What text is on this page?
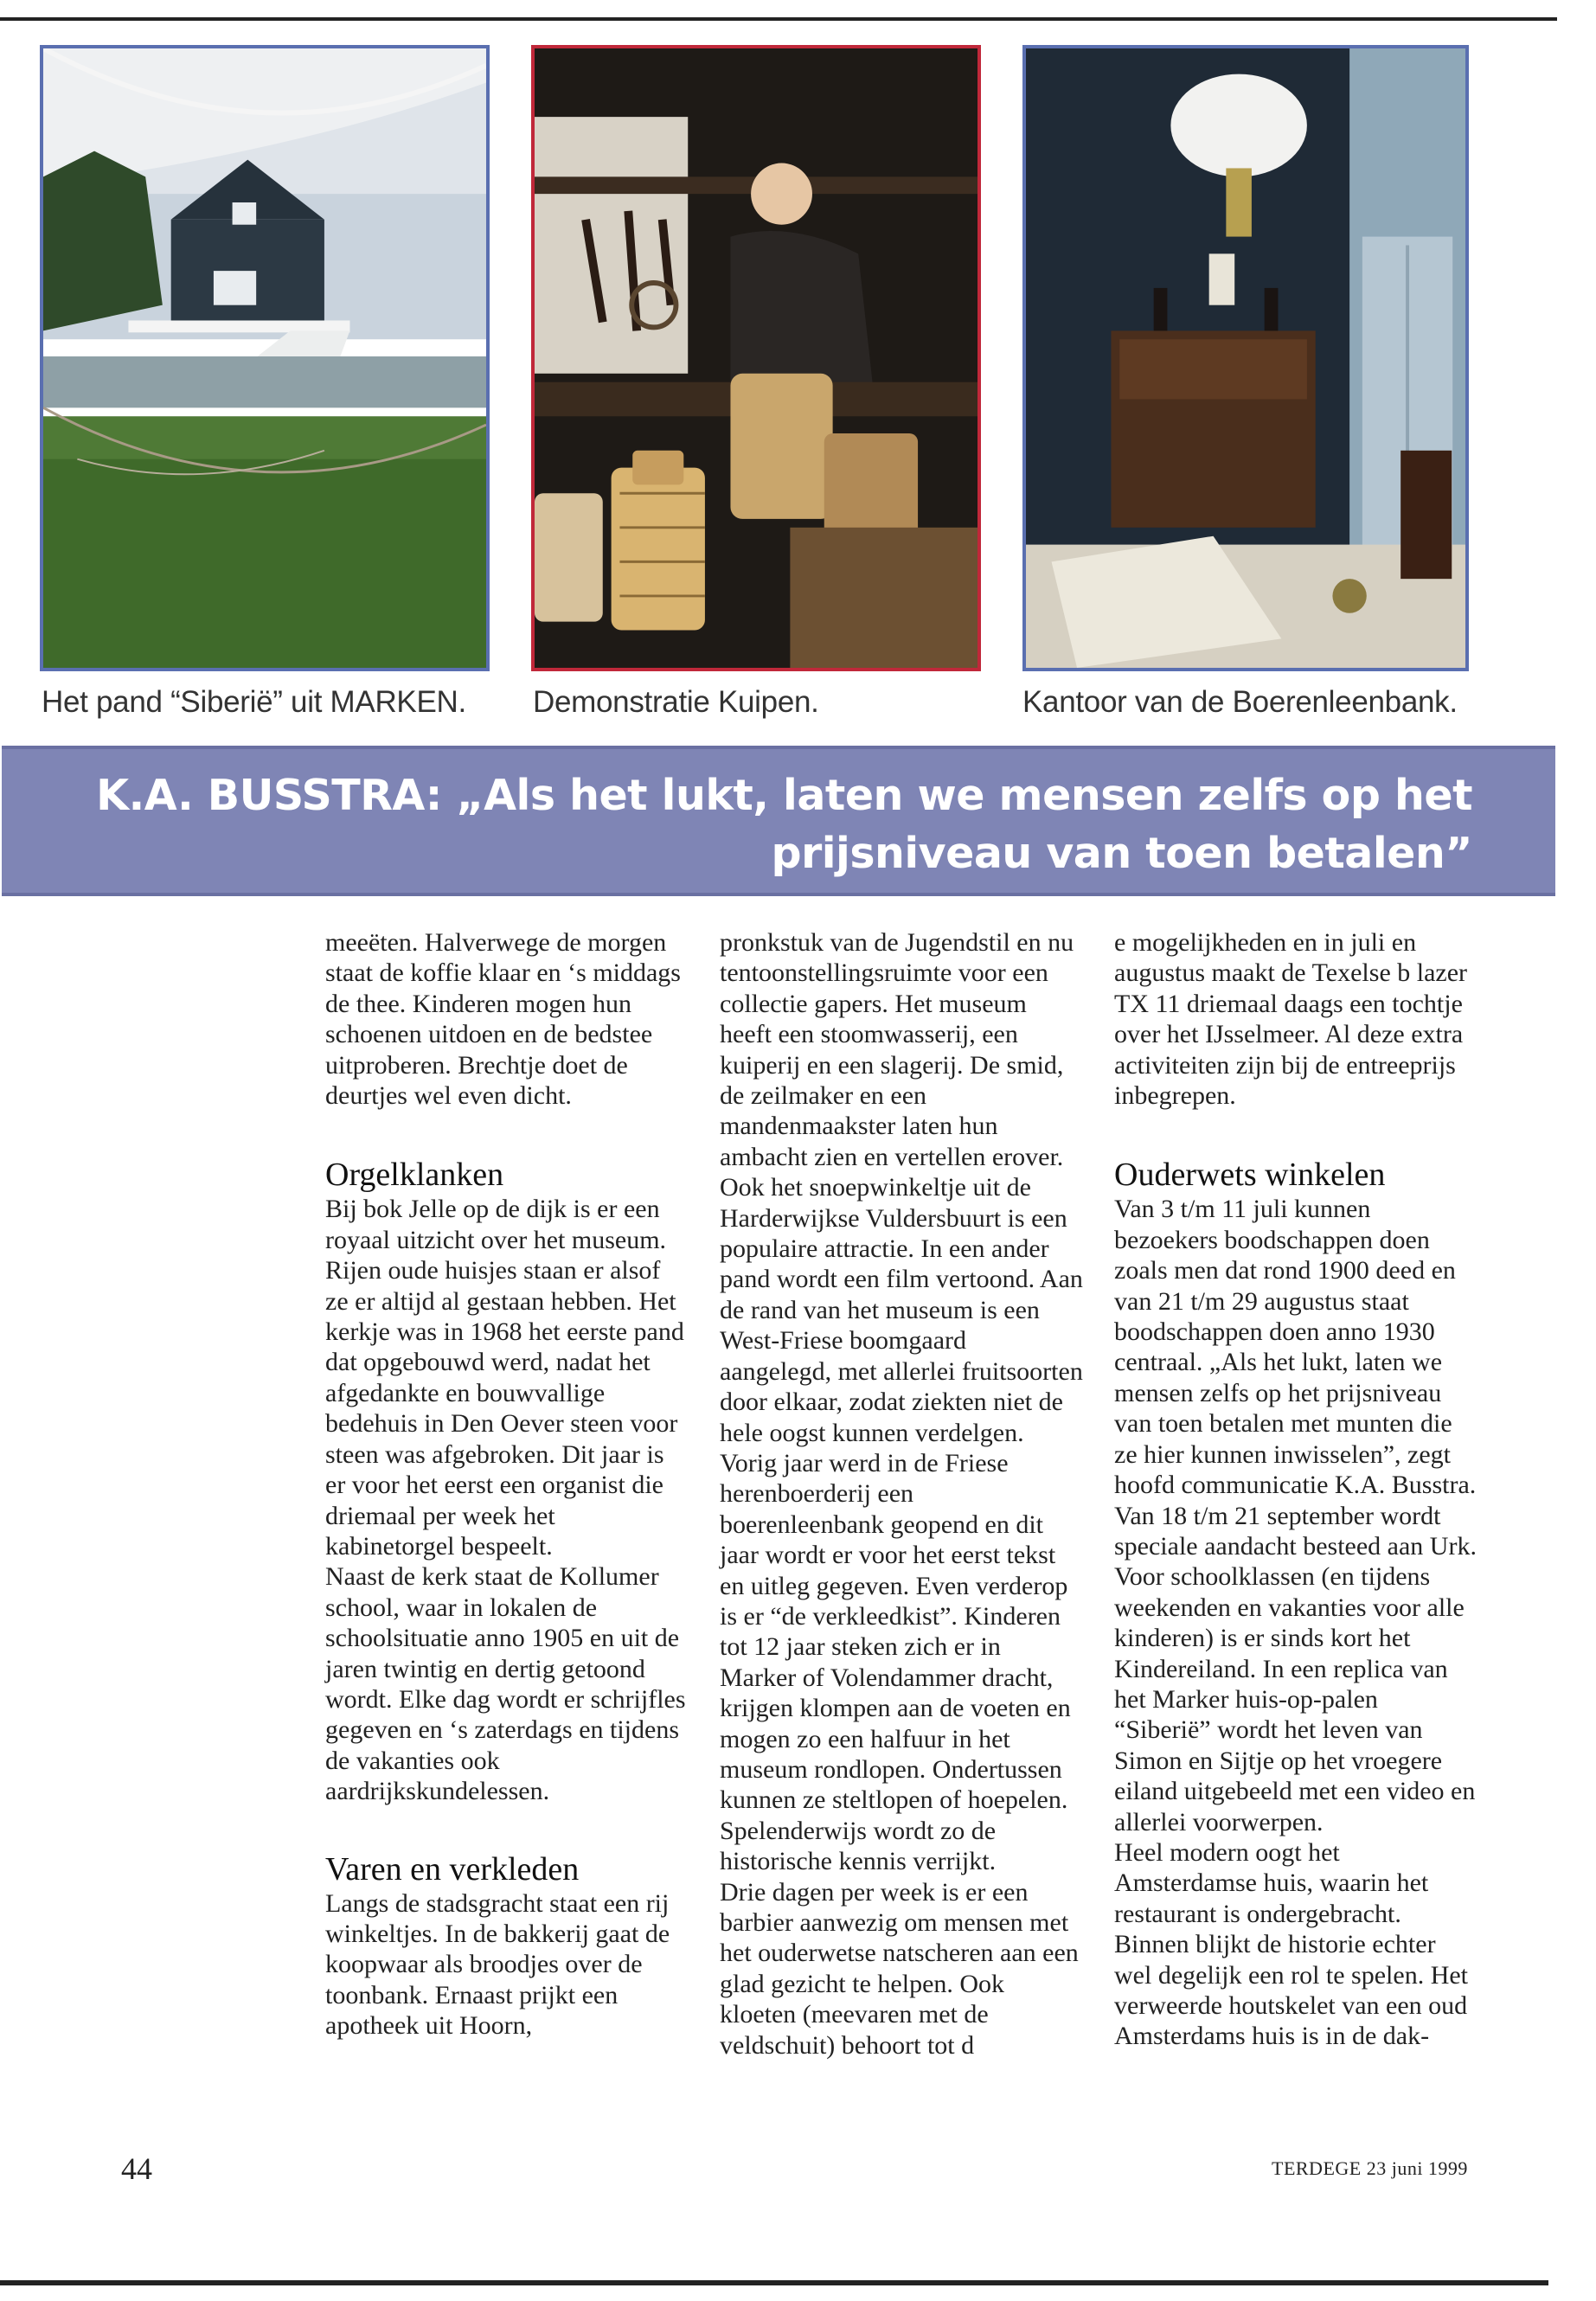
Het pand “Siberië” uit MARKEN. Demonstratie Kuipen.	Kantoor van de Boerenleenbank.
K.A. BUSSTRA: „Als het lukt, laten we mensen zelfs op het prijsniveau van toen betalen”

meeëten. Halverwege de morgen staat de koffie klaar en ‘s middags de thee. Kinderen mogen hun schoenen uitdoen en de bedstee uitproberen. Brechtje doet de deurtjes wel even dicht.

Orgelklanken

Bij bok Jelle op de dijk is er een royaal uitzicht over het museum. Rijen oude huisjes staan er alsof ze er altijd al gestaan hebben. Het kerkje was in 1968 het eerste pand dat opgebouwd werd, nadat het afgedankte en bouwvallige bedehuis in Den Oever steen voor steen was afgebroken. Dit jaar is er voor het eerst een organist die driemaal per week het kabinetorgel bespeelt.

Naast de kerk staat de Kollumer school, waar in lokalen de schoolsituatie anno 1905 en uit de jaren twintig en dertig getoond wordt. Elke dag wordt er schrijfles gegeven en ‘s zaterdags en tijdens de vakanties ook aardrijkskundelessen.

Varen en verkleden

Langs de stadsgracht staat een rij winkeltjes. In de bakkerij gaat de koopwaar als broodjes over de toonbank. Ernaast prijkt een apotheek uit Hoorn,

pronkstuk van de Jugendstil en nu tentoonstellingsruimte voor een collectie gapers. Het museum heeft een stoomwasserij, een kuiperij en een slagerij. De smid, de zeilmaker en een mandenmaakster laten hun ambacht zien en vertellen erover. Ook het snoepwinkeltje uit de Harderwijkse Vuldersbuurt is een populaire attractie. In een ander pand wordt een film vertoond. Aan de rand van het museum is een West-Friese boomgaard aangelegd, met allerlei fruitsoorten door elkaar, zodat ziekten niet de hele oogst kunnen verdelgen.

Vorig jaar werd in de Friese herenboerderij een boerenleenbank geopend en dit jaar wordt er voor het eerst tekst en uitleg gegeven. Even verderop is er “de verkleedkist”. Kinderen tot 12 jaar steken zich er in Marker of Volendammer dracht, krijgen klompen aan de voeten en mogen zo een halfuur in het museum rondlopen. Ondertussen kunnen ze steltlopen of hoepelen. Spelenderwijs wordt zo de historische kennis verrijkt.

Drie dagen per week is er een barbier aanwezig om mensen met het ouderwetse natscheren aan een glad gezicht te helpen. Ook kloeten (meevaren met de veldschuit) behoort tot d

e mogelijkheden en in juli en augustus maakt de Texelse b lazer TX 11 driemaal daags een tochtje over het IJsselmeer. Al deze extra activiteiten zijn bij de entreeprijs inbegrepen.

Ouderwets winkelen

Van 3 t/m 11 juli kunnen bezoekers boodschappen doen zoals men dat rond 1900 deed en van 21 t/m 29 augustus staat boodschappen doen anno 1930 centraal. „Als het lukt, laten we mensen zelfs op het prijsniveau van toen betalen met munten die ze hier kunnen inwisselen”, zegt hoofd communicatie K.A. Busstra. Van 18 t/m 21 september wordt speciale aandacht besteed aan Urk.

Voor schoolklassen (en tijdens weekenden en vakanties voor alle kinderen) is er sinds kort het Kindereiland. In een replica van het Marker huis-op-palen “Siberië” wordt het leven van Simon en Sijtje op het vroegere eiland uitgebeeld met een video en allerlei voorwerpen.

Heel modern oogt het Amsterdamse huis, waarin het restaurant is ondergebracht. Binnen blijkt de historie echter wel degelijk een rol te spelen. Het verweerde houtskelet van een oud Amsterdams huis is in de dak-

44	TERDEGE 23 juni 1999
